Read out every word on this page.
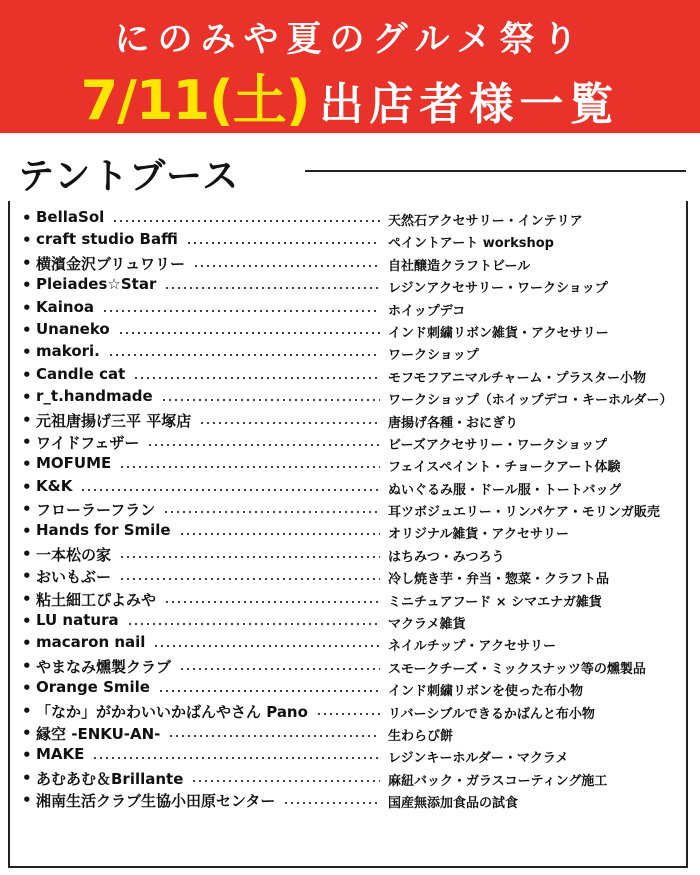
にのみや夏のグルメ祭り
7/11(土) 出店者様一覧
テントブース
• BellaSol	天然石アクセサリー・インテリア
• craft studio Baffi	ペイントアート workshop
• 横濱金沢ブリュワリー	自社醸造クラフトビール
• Pleiades☆Star	レジンアクセサリー・ワークショップ
• Kainoa	ホイップデコ
• Unaneko	インド刺繍リボン雑貨・アクセサリー
• makori.	ワークショップ
• Candle cat	モフモフアニマルチャーム・プラスター小物
• r_t.handmade	ワークショップ（ホイップデコ・キーホルダー）
• 元祖唐揚げ三平 平塚店	唐揚げ各種・おにぎり
• ワイドフェザー	ビーズアクセサリー・ワークショップ
• MOFUME	フェイスペイント・チョークアート体験
• K&K	ぬいぐるみ服・ドール服・トートバッグ
• フローラーフラン	耳ツボジュエリー・リンパケア・モリンガ販売
• Hands for Smile	オリジナル雑貨・アクセサリー
• 一本松の家	はちみつ・みつろう
• おいもぶー	冷し焼き芋・弁当・惣菜・クラフト品
• 粘土細工ぴよみや	ミニチュアフード × シマエナガ雑貨
• LU natura	マクラメ雑貨
• macaron nail	ネイルチップ・アクセサリー
• やまなみ燻製クラブ	スモークチーズ・ミックスナッツ等の燻製品
• Orange Smile	インド刺繍リボンを使った布小物
• 「なか」がかわいいかばんやさん Pano	リバーシブルできるかばんと布小物
• 縁空 -ENKU-AN-	生わらび餅
• MAKE	レジンキーホルダー・マクラメ
• あむあむ＆Brillante	麻紐バック・ガラスコーティング施工
• 湘南生活クラブ生協小田原センター	国産無添加食品の試食
